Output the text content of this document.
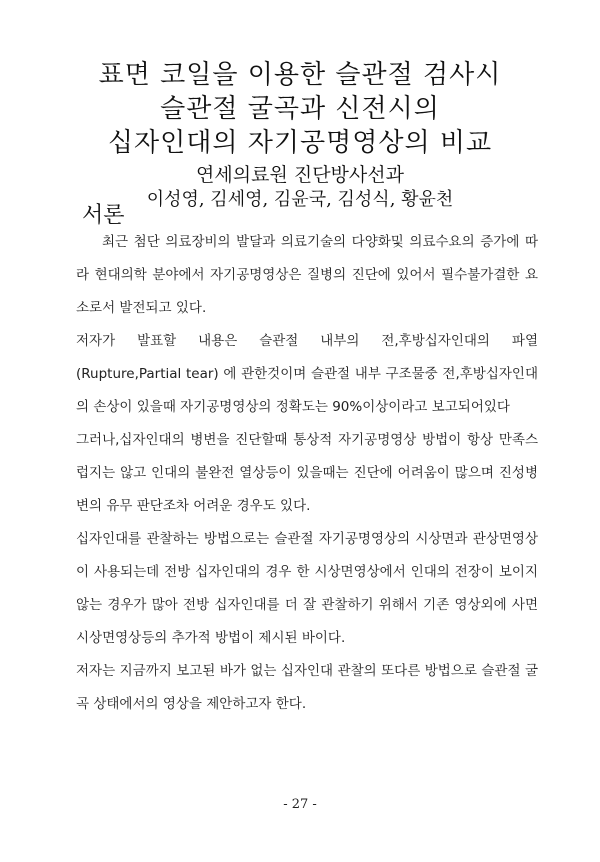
표면 코일을 이용한 슬관절 검사시
슬관절 굴곡과 신전시의
십자인대의 자기공명영상의 비교
연세의료원 진단방사선과
이성영, 김세영, 김윤국, 김성식, 황윤천
서론

최근 첨단 의료장비의 발달과 의료기술의 다양화및 의료수요의 증가에 따라 현대의학 분야에서 자기공명영상은 질병의 진단에 있어서 필수불가결한 요소로서 발전되고 있다.

저자가 발표할 내용은 슬관절 내부의 전,후방십자인대의 파열 (Rupture,Partial tear) 에 관한것이며 슬관절 내부 구조물중 전,후방십자인대의 손상이 있을때 자기공명영상의 정확도는 90%이상이라고 보고되어있다

그러나,십자인대의 병변을 진단할때 통상적 자기공명영상 방법이 항상 만족스럽지는 않고 인대의 불완전 열상등이 있을때는 진단에 어려움이 많으며 진성병변의 유무 판단조차 어려운 경우도 있다.

십자인대를 관찰하는 방법으로는 슬관절 자기공명영상의 시상면과 관상면영상이 사용되는데 전방 십자인대의 경우 한 시상면영상에서 인대의 전장이 보이지 않는 경우가 많아 전방 십자인대를 더 잘 관찰하기 위해서 기존 영상외에 사면 시상면영상등의 추가적 방법이 제시된 바이다.

저자는 지금까지 보고된 바가 없는 십자인대 관찰의 또다른 방법으로 슬관절 굴곡 상태에서의 영상을 제안하고자 한다.

- 27 -
